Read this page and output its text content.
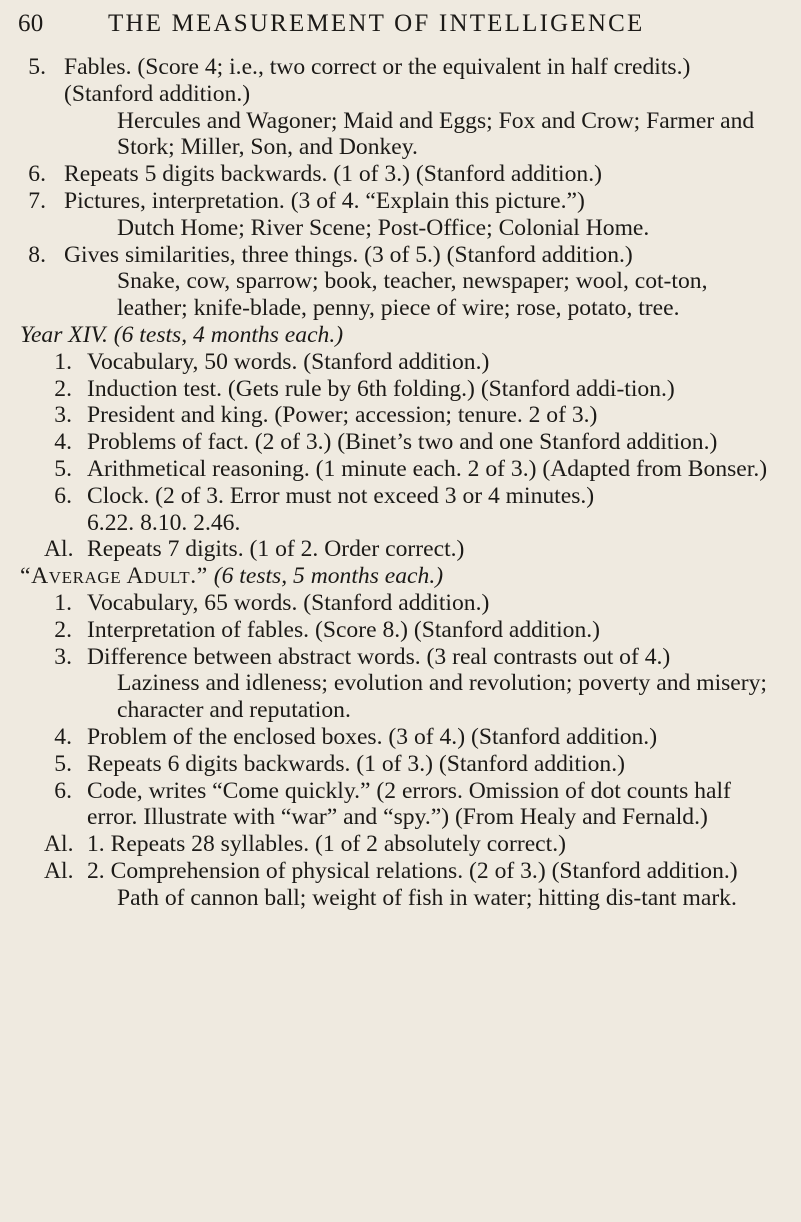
60	THE MEASUREMENT OF INTELLIGENCE
5. Fables. (Score 4; i.e., two correct or the equivalent in half credits.) (Stanford addition.)
Hercules and Wagoner; Maid and Eggs; Fox and Crow; Farmer and Stork; Miller, Son, and Donkey.
6. Repeats 5 digits backwards. (1 of 3.) (Stanford addition.)
7. Pictures, interpretation. (3 of 4. “Explain this picture.”)
Dutch Home; River Scene; Post-Office; Colonial Home.
8. Gives similarities, three things. (3 of 5.) (Stanford addition.)
Snake, cow, sparrow; book, teacher, newspaper; wool, cot-ton, leather; knife-blade, penny, piece of wire; rose, potato, tree.
Year XIV. (6 tests, 4 months each.)
1. Vocabulary, 50 words. (Stanford addition.)
2. Induction test. (Gets rule by 6th folding.) (Stanford addi-tion.)
3. President and king. (Power; accession; tenure. 2 of 3.)
4. Problems of fact. (2 of 3.) (Binet’s two and one Stanford addition.)
5. Arithmetical reasoning. (1 minute each. 2 of 3.) (Adapted from Bonser.)
6. Clock. (2 of 3. Error must not exceed 3 or 4 minutes.)
6.22. 8.10. 2.46.
Al. Repeats 7 digits. (1 of 2. Order correct.)
“Average Adult.” (6 tests, 5 months each.)
1. Vocabulary, 65 words. (Stanford addition.)
2. Interpretation of fables. (Score 8.) (Stanford addition.)
3. Difference between abstract words. (3 real contrasts out of 4.)
Laziness and idleness; evolution and revolution; poverty and misery; character and reputation.
4. Problem of the enclosed boxes. (3 of 4.) (Stanford addition.)
5. Repeats 6 digits backwards. (1 of 3.) (Stanford addition.)
6. Code, writes “Come quickly.” (2 errors. Omission of dot counts half error. Illustrate with “war” and “spy.”) (From Healy and Fernald.)
Al. 1. Repeats 28 syllables. (1 of 2 absolutely correct.)
Al. 2. Comprehension of physical relations. (2 of 3.) (Stanford addition.)
Path of cannon ball; weight of fish in water; hitting dis-tant mark.
